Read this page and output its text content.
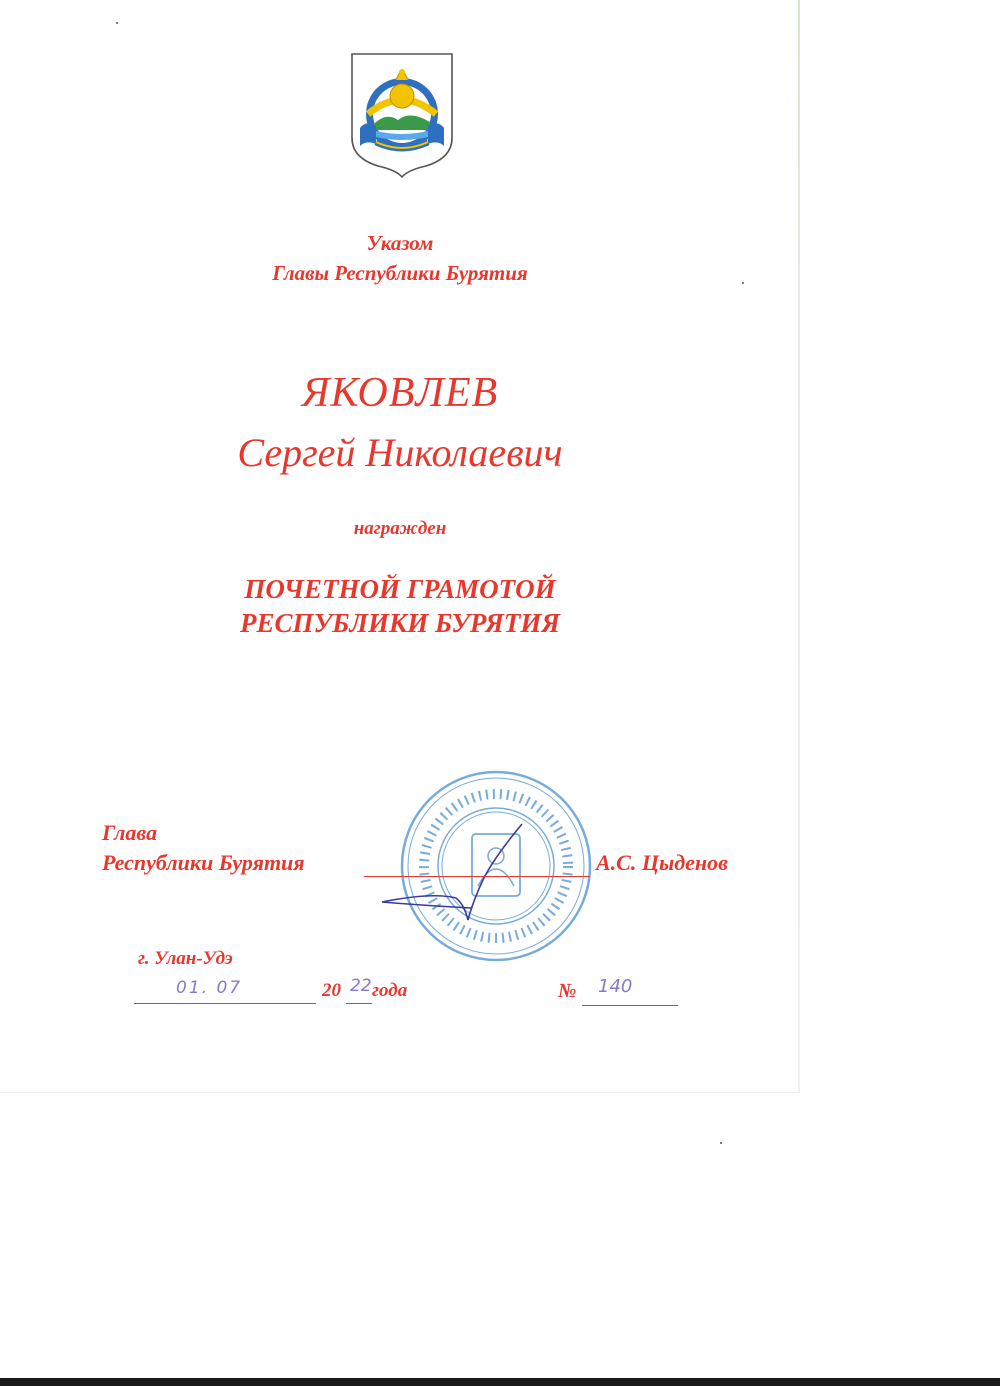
Указом
Главы Республики Бурятия
ЯКОВЛЕВ
Сергей Николаевич
награжден
ПОЧЕТНОЙ ГРАМОТОЙ
РЕСПУБЛИКИ БУРЯТИЯ
Глава
Республики Бурятия	А.С. Цыденов
г. Улан-Удэ
01. 07	20 22 года	№ 140
